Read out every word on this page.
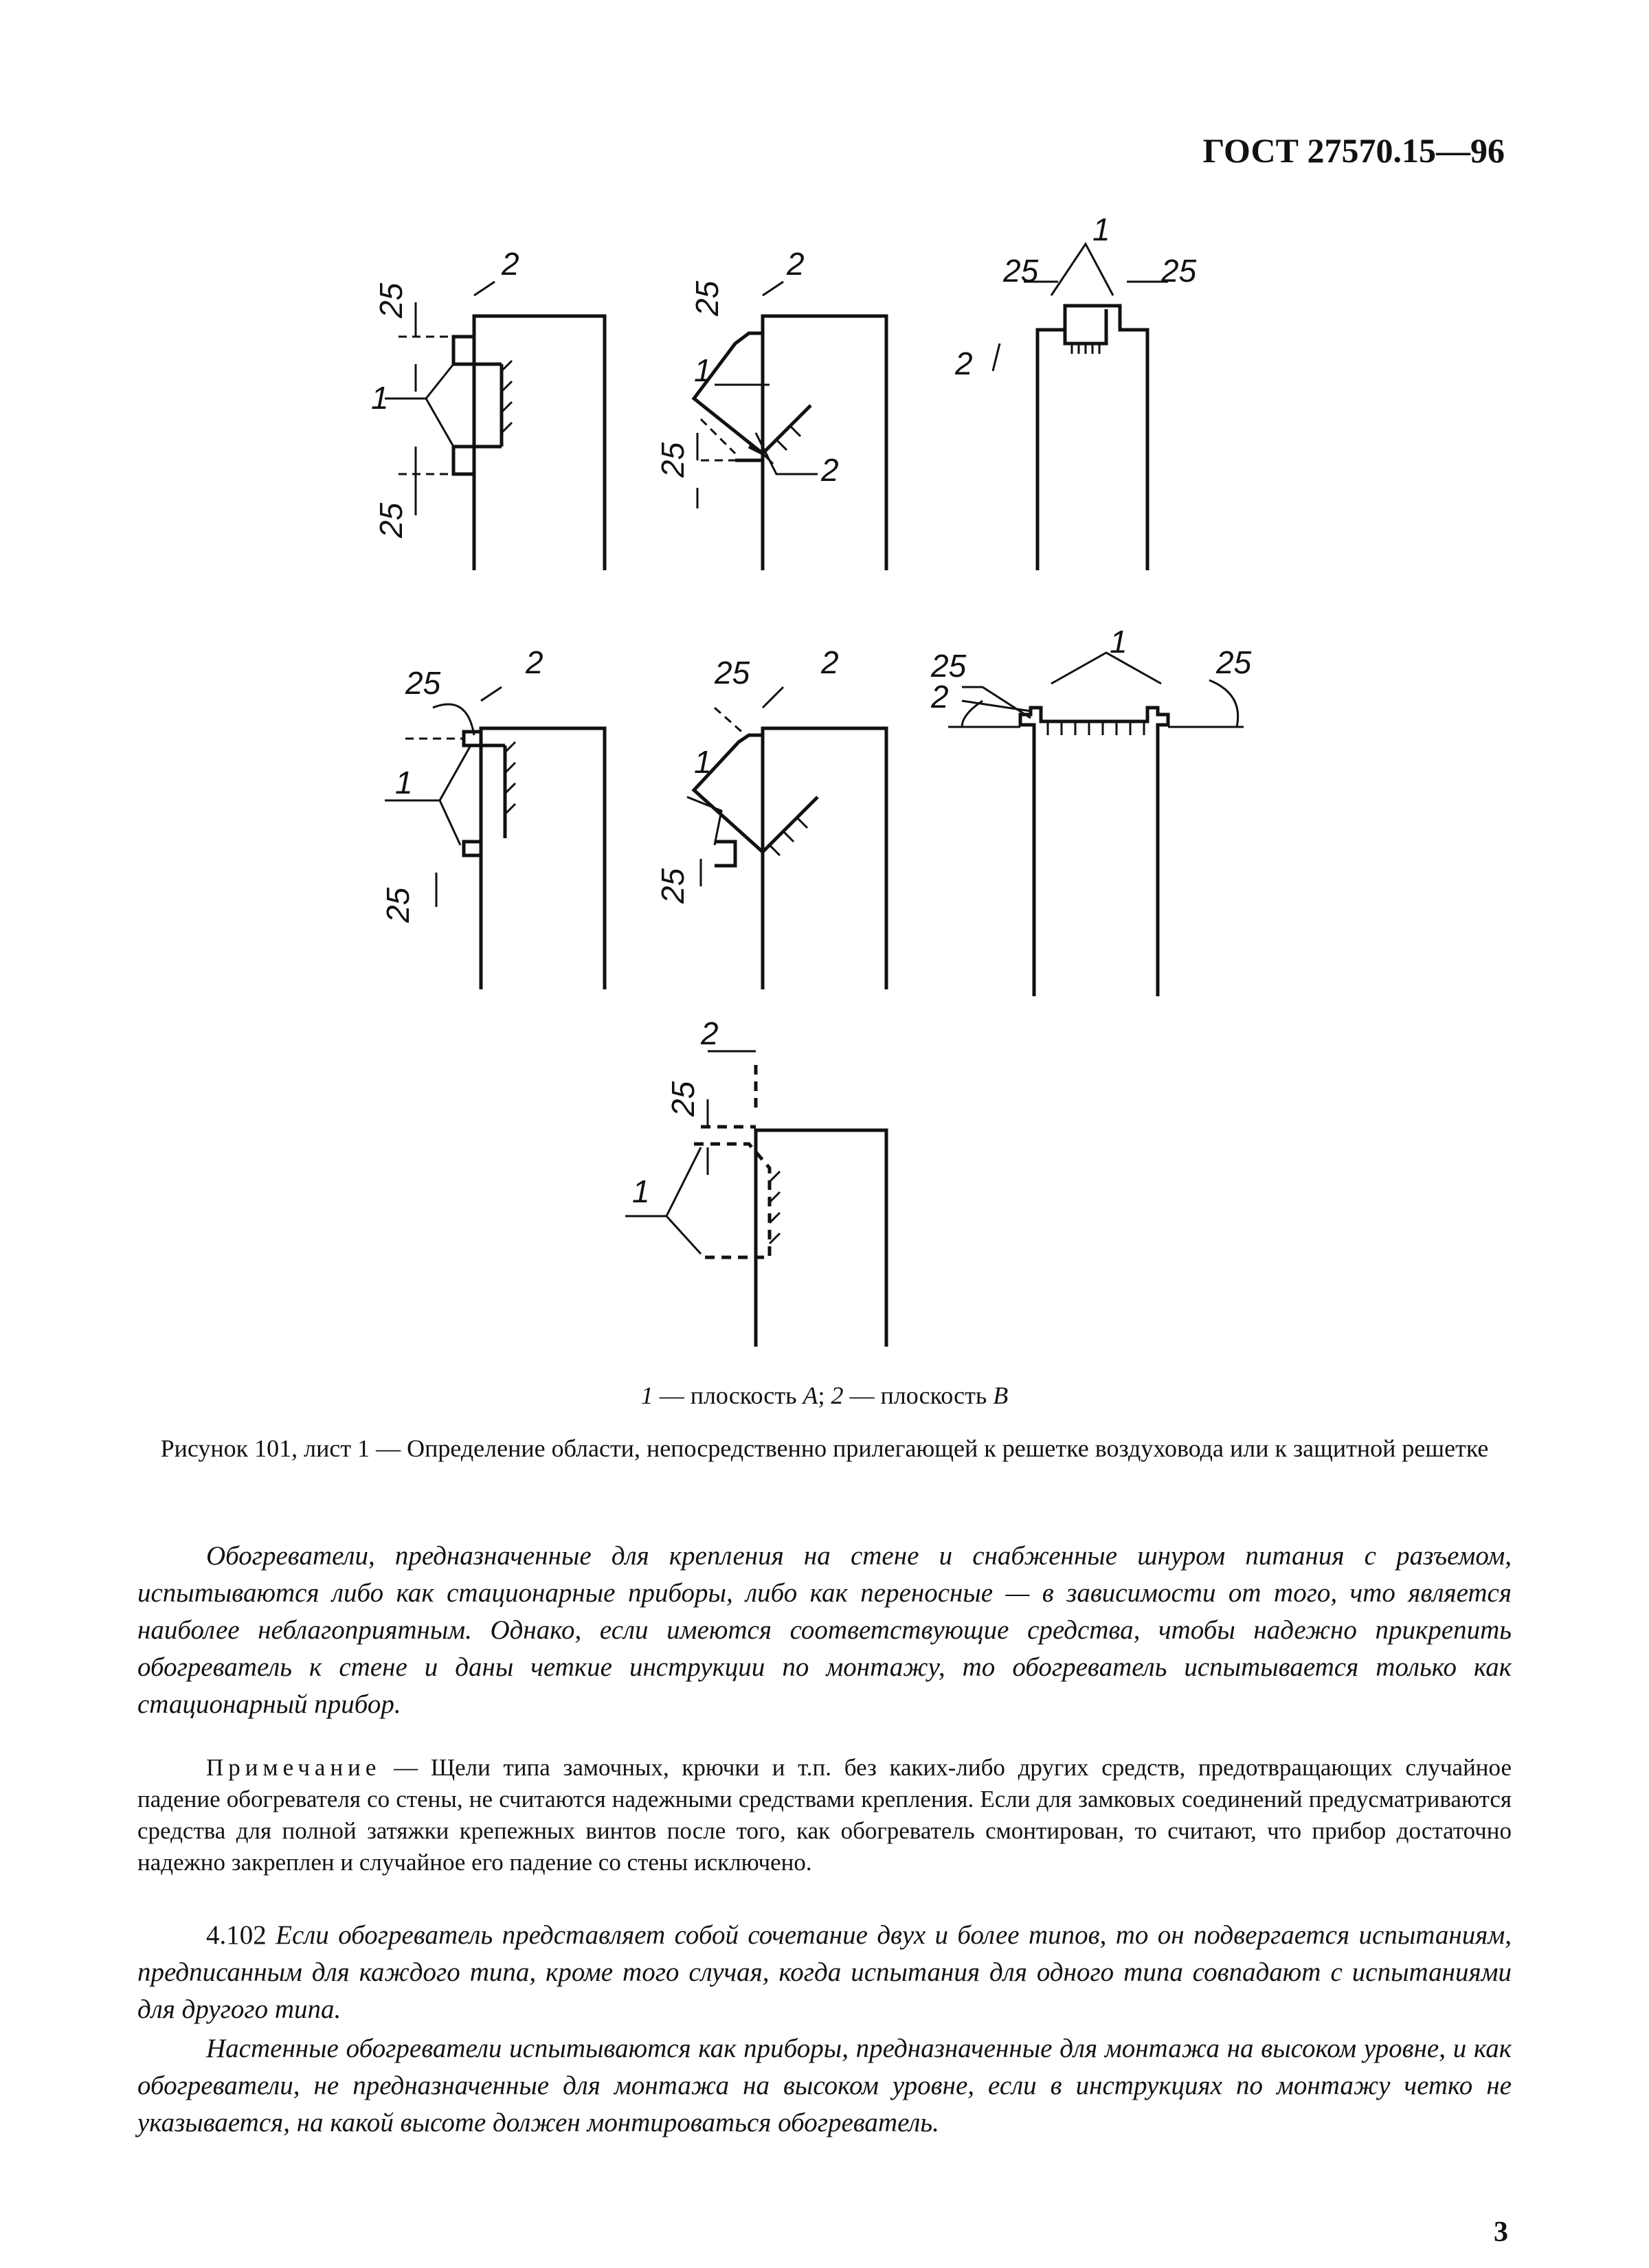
ГОСТ 27570.15—96
25
25
1
2
25
25
1
2
2
25	25
1
2
25
25
1
2	25
25
1
2	25
2
1
25
25
1
2
1 — плоскость А; 2 — плоскость В
Рисунок 101, лист 1 — Определение области, непосредственно прилегающей к решетке воздуховода или к защитной решетке
Обогреватели, предназначенные для крепления на стене и снабженные шнуром питания с разъемом, испытываются либо как стационарные приборы, либо как переносные — в зависимости от того, что является наиболее неблагоприятным. Однако, если имеются соответствующие средства, чтобы надежно прикрепить обогреватель к стене и даны четкие инструкции по монтажу, то обогреватель испытывается только как стационарный прибор.
Примечание — Щели типа замочных, крючки и т.п. без каких-либо других средств, предотвращающих случайное падение обогревателя со стены, не считаются надежными средствами крепления. Если для замковых соединений предусматриваются средства для полной затяжки крепежных винтов после того, как обогреватель смонтирован, то считают, что прибор достаточно надежно закреплен и случайное его падение со стены исключено.
4.102 Если обогреватель представляет собой сочетание двух и более типов, то он подвергается испытаниям, предписанным для каждого типа, кроме того случая, когда испытания для одного типа совпадают с испытаниями для другого типа.
Настенные обогреватели испытываются как приборы, предназначенные для монтажа на высоком уровне, и как обогреватели, не предназначенные для монтажа на высоком уровне, если в инструкциях по монтажу четко не указывается, на какой высоте должен монтироваться обогреватель.
3
